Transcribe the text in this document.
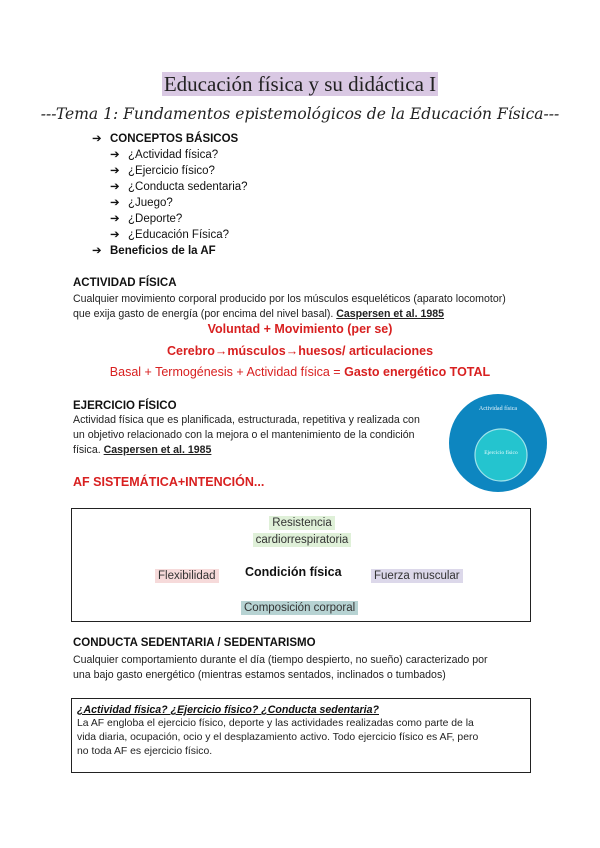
Educación física y su didáctica I
---Tema 1: Fundamentos epistemológicos de la Educación Física---
➔ CONCEPTOS BÁSICOS
➔ ¿Actividad física?
➔ ¿Ejercicio físico?
➔ ¿Conducta sedentaria?
➔ ¿Juego?
➔ ¿Deporte?
➔ ¿Educación Física?
➔ Beneficios de la AF
ACTIVIDAD FÍSICA
Cualquier movimiento corporal producido por los músculos esqueléticos (aparato locomotor)
que exija gasto de energía (por encima del nivel basal). Caspersen et al. 1985
Voluntad + Movimiento (per se)
Cerebro→músculos→huesos/ articulaciones
Basal + Termogénesis + Actividad física = Gasto energético TOTAL
EJERCICIO FÍSICO
Actividad física que es planificada, estructurada, repetitiva y realizada con
un objetivo relacionado con la mejora o el mantenimiento de la condición
física. Caspersen et al. 1985
Actividad física
Ejercicio físico
AF SISTEMÁTICA+INTENCIÓN...
Resistencia
cardiorrespiratoria
Flexibilidad Condición física	Fuerza muscular
Composición corporal
CONDUCTA SEDENTARIA / SEDENTARISMO
Cualquier comportamiento durante el día (tiempo despierto, no sueño) caracterizado por
una bajo gasto energético (mientras estamos sentados, inclinados o tumbados)
¿Actividad física? ¿Ejercicio físico? ¿Conducta sedentaria?
La AF engloba el ejercicio físico, deporte y las actividades realizadas como parte de la
vida diaria, ocupación, ocio y el desplazamiento activo. Todo ejercicio físico es AF, pero
no toda AF es ejercicio físico.
